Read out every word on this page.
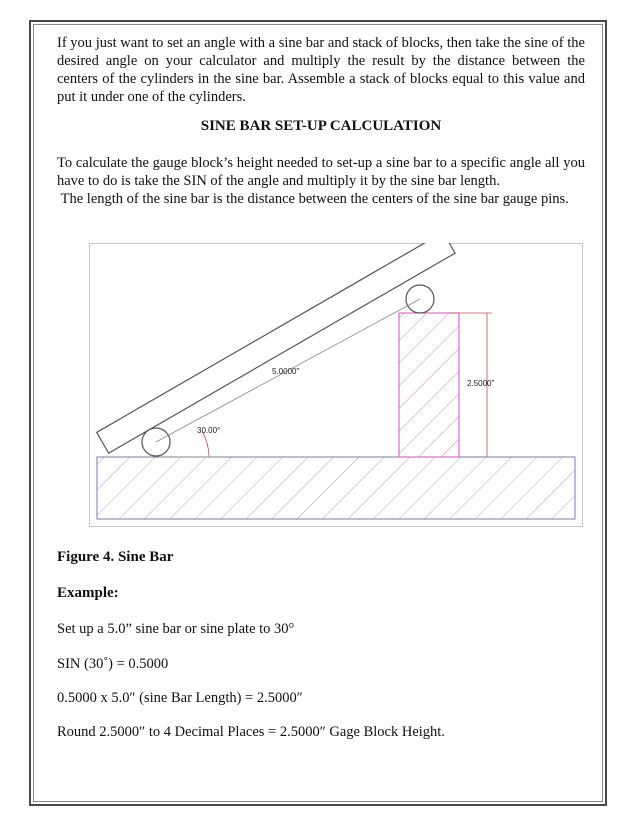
If you just want to set an angle with a sine bar and stack of blocks, then take the sine of the desired angle on your calculator and multiply the result by the distance between the centers of the cylinders in the sine bar. Assemble a stack of blocks equal to this value and put it under one of the cylinders.

SINE BAR SET-UP CALCULATION

To calculate the gauge block’s height needed to set-up a sine bar to a specific angle all you have to do is take the SIN of the angle and multiply it by the sine bar length.

The length of the sine bar is the distance between the centers of the sine bar gauge pins.

5.0000"
2.5000"
30.00°

Figure 4. Sine Bar

Example:

Set up a 5.0” sine bar or sine plate to 30°

SIN (30˚) = 0.5000

0.5000 x 5.0″ (sine Bar Length) = 2.5000″

Round 2.5000″ to 4 Decimal Places = 2.5000″ Gage Block Height.
